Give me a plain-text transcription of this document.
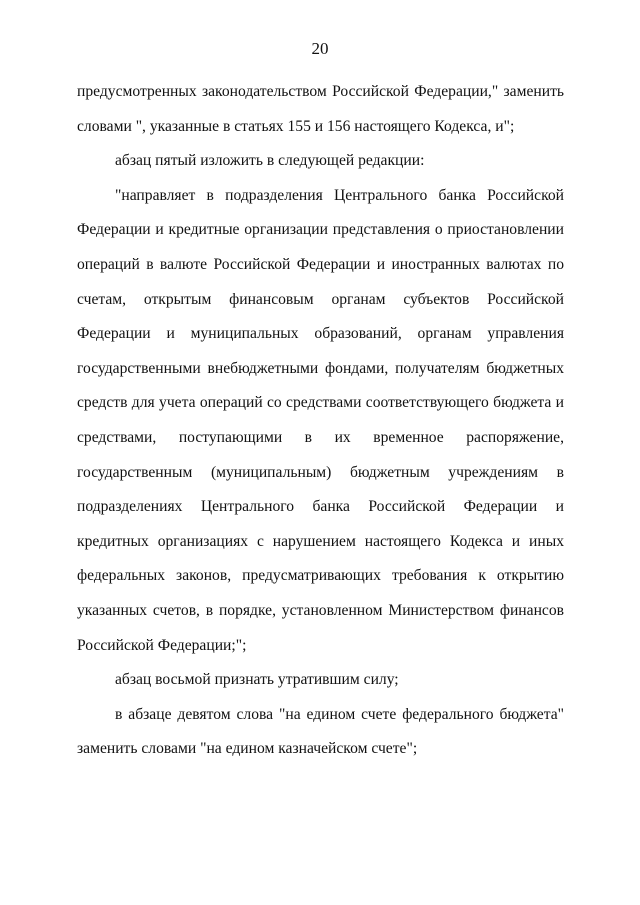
20

предусмотренных законодательством Российской Федерации," заменить словами ", указанные в статьях 155 и 156 настоящего Кодекса, и";

абзац пятый изложить в следующей редакции:

"направляет в подразделения Центрального банка Российской Федерации и кредитные организации представления о приостановлении операций в валюте Российской Федерации и иностранных валютах по счетам, открытым финансовым органам субъектов Российской Федерации и муниципальных образований, органам управления государственными внебюджетными фондами, получателям бюджетных средств для учета операций со средствами соответствующего бюджета и средствами, поступающими в их временное распоряжение, государственным (муниципальным) бюджетным учреждениям в подразделениях Центрального банка Российской Федерации и кредитных организациях с нарушением настоящего Кодекса и иных федеральных законов, предусматривающих требования к открытию указанных счетов, в порядке, установленном Министерством финансов Российской Федерации;";

абзац восьмой признать утратившим силу;

в абзаце девятом слова "на едином счете федерального бюджета" заменить словами "на едином казначейском счете";
